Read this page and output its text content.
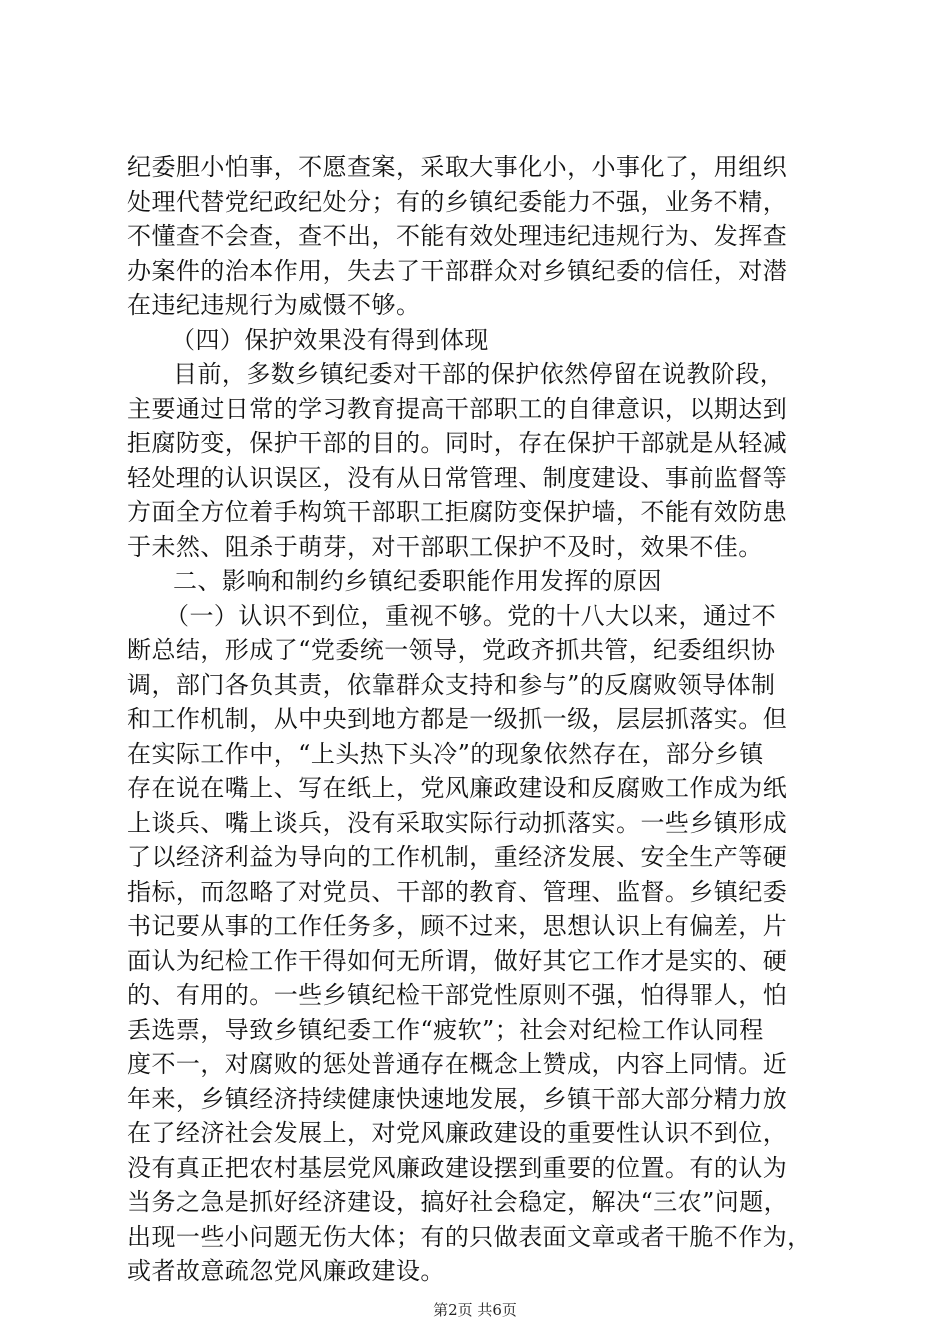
纪委胆小怕事，不愿查案，采取大事化小，小事化了，用组织
处理代替党纪政纪处分；有的乡镇纪委能力不强，业务不精，
不懂查不会查，查不出，不能有效处理违纪违规行为、发挥查
办案件的治本作用，失去了干部群众对乡镇纪委的信任，对潜
在违纪违规行为威慑不够。
（四）保护效果没有得到体现
目前，多数乡镇纪委对干部的保护依然停留在说教阶段，
主要通过日常的学习教育提高干部职工的自律意识，以期达到
拒腐防变，保护干部的目的。同时，存在保护干部就是从轻减
轻处理的认识误区，没有从日常管理、制度建设、事前监督等
方面全方位着手构筑干部职工拒腐防变保护墙，不能有效防患
于未然、阻杀于萌芽，对干部职工保护不及时，效果不佳。
二、影响和制约乡镇纪委职能作用发挥的原因
（一）认识不到位，重视不够。党的十八大以来，通过不
断总结，形成了“党委统一领导，党政齐抓共管，纪委组织协
调，部门各负其责，依靠群众支持和参与”的反腐败领导体制
和工作机制，从中央到地方都是一级抓一级，层层抓落实。但
在实际工作中，“上头热下头冷”的现象依然存在，部分乡镇
存在说在嘴上、写在纸上，党风廉政建设和反腐败工作成为纸
上谈兵、嘴上谈兵，没有采取实际行动抓落实。一些乡镇形成
了以经济利益为导向的工作机制，重经济发展、安全生产等硬
指标，而忽略了对党员、干部的教育、管理、监督。乡镇纪委
书记要从事的工作任务多，顾不过来，思想认识上有偏差，片
面认为纪检工作干得如何无所谓，做好其它工作才是实的、硬
的、有用的。一些乡镇纪检干部党性原则不强，怕得罪人，怕
丢选票，导致乡镇纪委工作“疲软”；社会对纪检工作认同程
度不一，对腐败的惩处普通存在概念上赞成，内容上同情。近
年来，乡镇经济持续健康快速地发展，乡镇干部大部分精力放
在了经济社会发展上，对党风廉政建设的重要性认识不到位，
没有真正把农村基层党风廉政建设摆到重要的位置。有的认为
当务之急是抓好经济建设，搞好社会稳定，解决“三农”问题，
出现一些小问题无伤大体；有的只做表面文章或者干脆不作为，
或者故意疏忽党风廉政建设。
第2页 共6页
